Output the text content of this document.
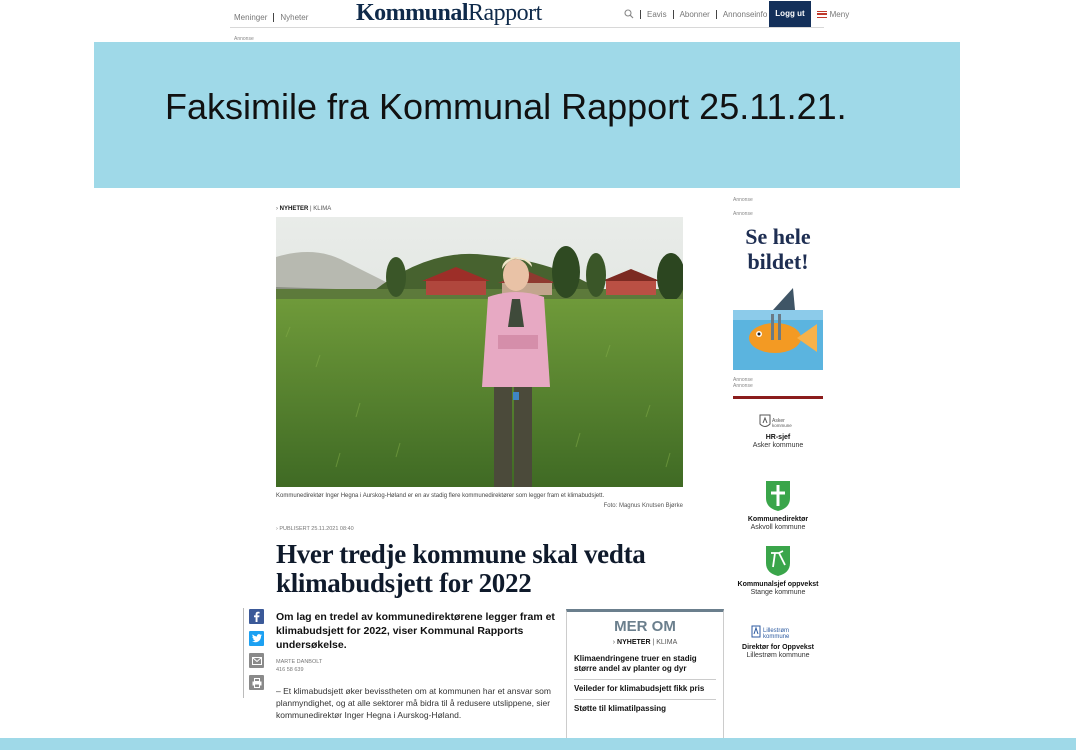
Meninger Nyheter Kommunal Rapport	Eavis Abonner Annonseinfo	Logg ut	Meny
Annonse
Faksimile fra Kommunal Rapport 25.11.21.
› NYHETER | KLIMA
Kommunedirektør Inger Hegna i Aurskog-Høland er en av stadig flere kommunedirektører som legger fram et klimabudsjett.
Foto: Magnus Knutsen Bjørke
› PUBLISERT 25.11.2021 08:40
Hver tredje kommune skal vedta klimabudsjett for 2022

Om lag en tredel av kommunedirektørene legger fram et klimabudsjett for 2022, viser Kommunal Rapports undersøkelse.

MARTE DANBOLT
416 58 639

– Et klimabudsjett øker bevisstheten om at kommunen har et ansvar som planmyndighet, og at alle sektorer må bidra til å redusere utslippene, sier kommunedirektør Inger Hegna i Aurskog-Høland.

MER OM
› NYHETER | KLIMA
Klimaendringene truer en stadig større andel av planter og dyr
Veileder for klimabudsjett fikk pris
Støtte til klimatilpassing
Annonse
Annonse
Se hele
bildet!
Annonse
Annonse
Asker
kommune
HR-sjef
Asker kommune
Kommunedirektør
Askvoll kommune
Kommunalsjef oppvekst
Stange kommune
Lillestrøm
kommune
Direktør for Oppvekst
Lillestrøm kommune
